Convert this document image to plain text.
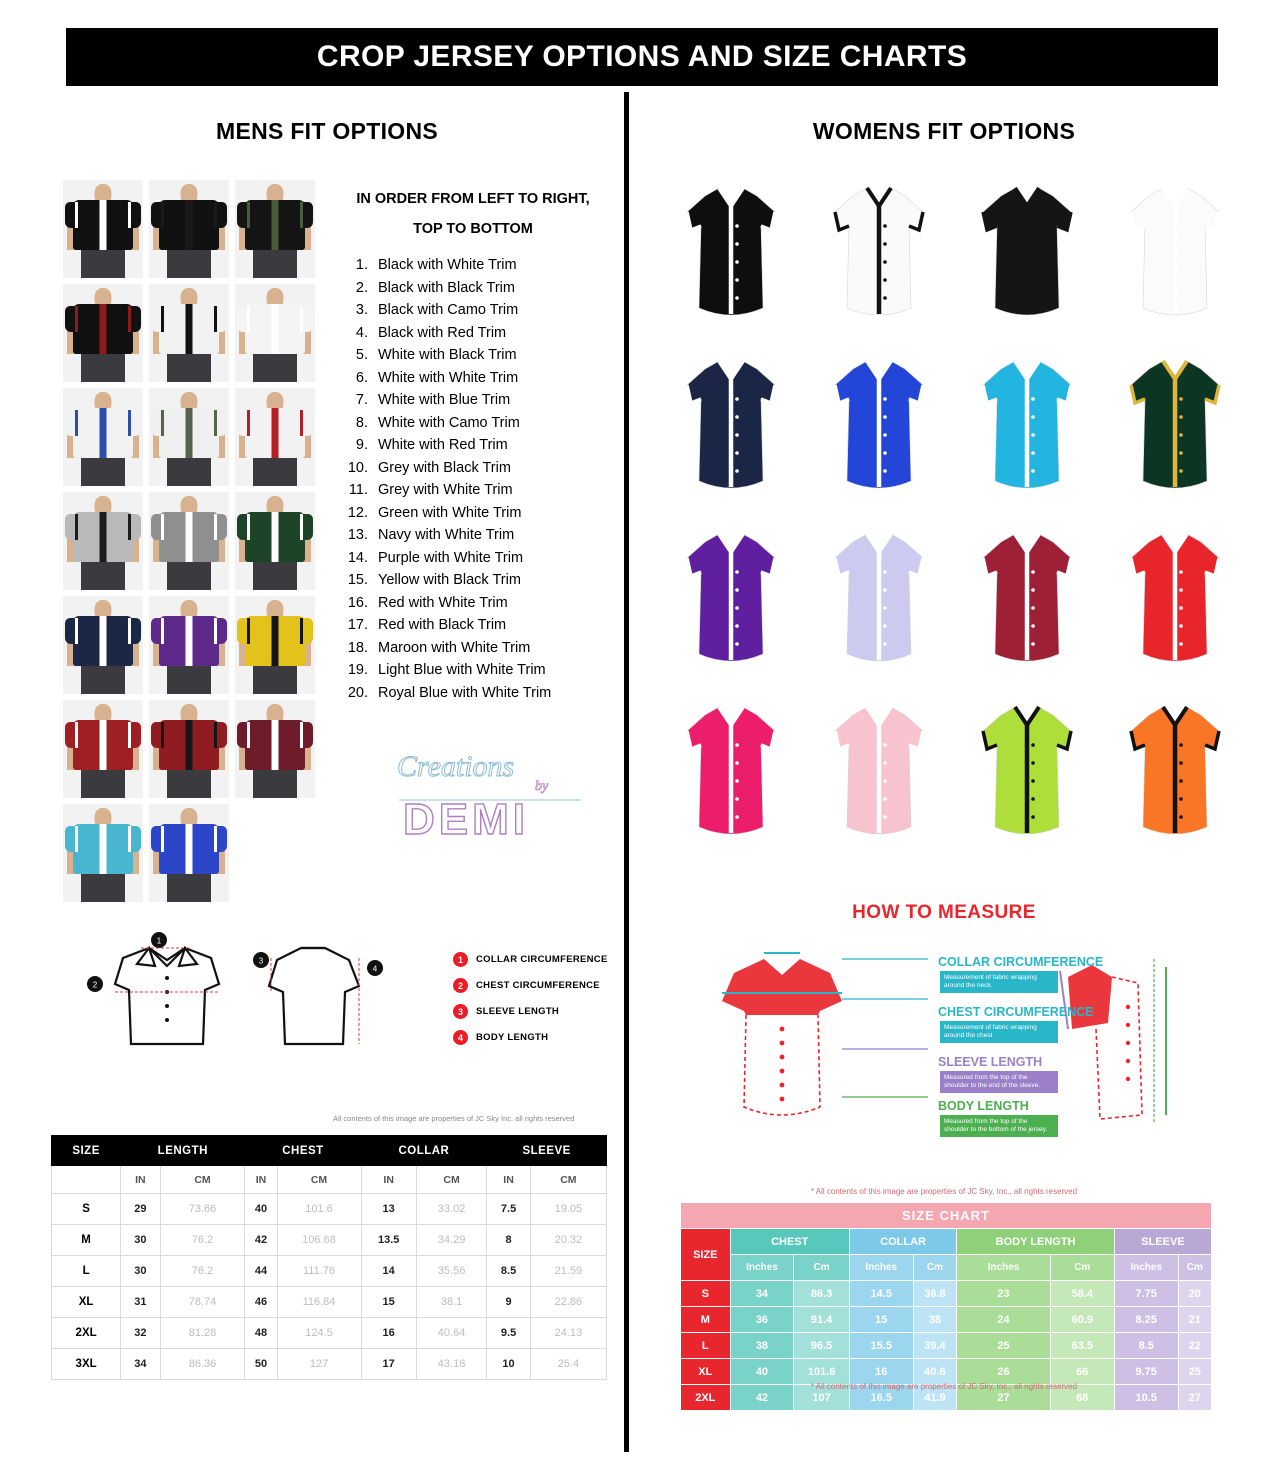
CROP JERSEY OPTIONS AND SIZE CHARTS
MENS FIT OPTIONS
IN ORDER FROM LEFT TO RIGHT,
TOP TO BOTTOM
1. Black with White Trim
2. Black with Black Trim
3. Black with Camo Trim
4. Black with Red Trim
5. White with Black Trim
6. White with White Trim
7. White with Blue Trim
8. White with Camo Trim
9. White with Red Trim
10. Grey with Black Trim
11. Grey with White Trim
12. Green with White Trim
13. Navy with White Trim
14. Purple with White Trim
15. Yellow with Black Trim
16. Red with White Trim
17. Red with Black Trim
18. Maroon with White Trim
19. Light Blue with White Trim
20. Royal Blue with White Trim
Creations
by
DEMI
1
2
3
4
1	COLLAR CIRCUMFERENCE
2	CHEST CIRCUMFERENCE
3	SLEEVE LENGTH
4	BODY LENGTH
All contents of this image are properties of JC Sky Inc. all rights reserved
SIZE	LENGTH		CHEST		COLLAR		SLEEVE	
	IN	CM	IN	CM	IN	CM	IN	CM
S	29	73.66	40	101.6	13	33.02	7.5	19.05
M	30	76.2	42	106.68	13.5	34.29	8	20.32
L	30	76.2	44	111.76	14	35.56	8.5	21.59
XL	31	78.74	46	116.84	15	38.1	9	22.86
2XL	32	81.28	48	124.5	16	40.64	9.5	24.13
3XL	34	86.36	50	127	17	43.18	10	25.4
WOMENS FIT OPTIONS
HOW TO MEASURE
COLLAR CIRCUMFERENCE
Measurement of fabric wrapping around the neck.
CHEST CIRCUMFERENCE
Measurement of fabric wrapping around the chest
SLEEVE LENGTH
Measured from the top of the shoulder to the end of the sleeve.
BODY LENGTH
Measured from the top of the shoulder to the bottom of the jersey.
* All contents of this image are properties of JC Sky, Inc., all rights reserved
SIZE CHART								
SIZE	CHEST		COLLAR		BODY LENGTH		SLEEVE	
	Inches	Cm	Inches	Cm	Inches	Cm	Inches	Cm
S	34	86.3	14.5	36.8	23	58.4	7.75	20
M	36	91.4	15	38	24	60.9	8.25	21
L	38	96.5	15.5	39.4	25	63.5	8.5	22
XL	40	101.6	16	40.6	26	66	9.75	25
2XL	42	107	16.5	41.9	27	68	10.5	27
* All contents of this image are properties of JC Sky, Inc., all rights reserved
